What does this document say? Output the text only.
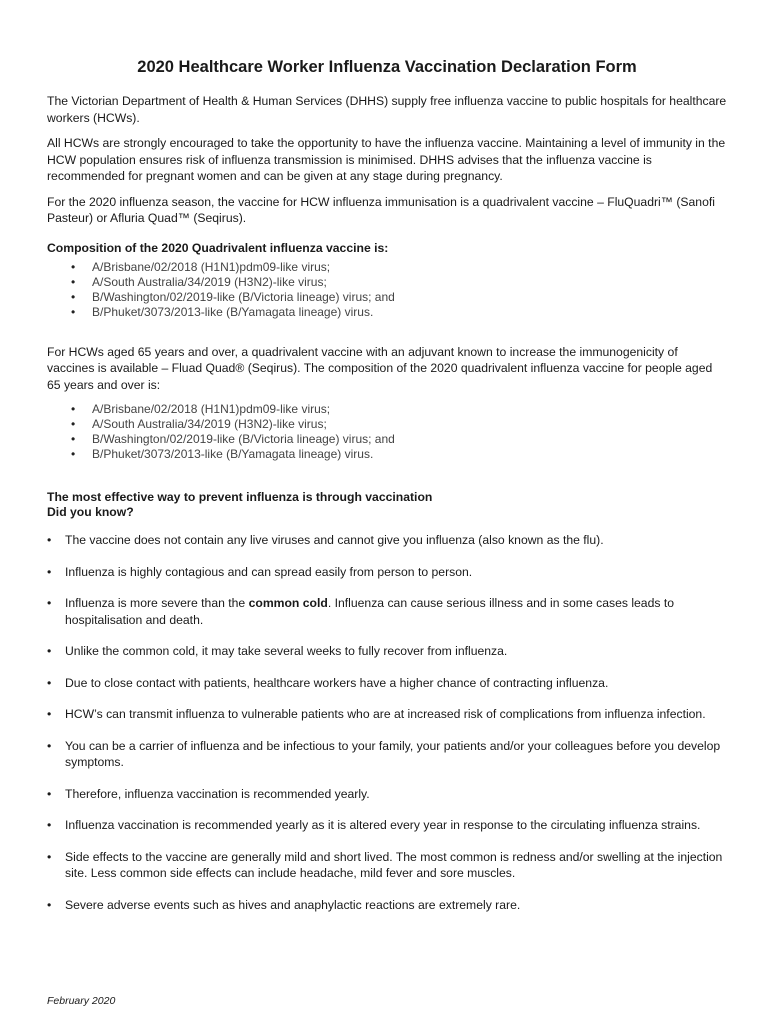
2020 Healthcare Worker Influenza Vaccination Declaration Form

The Victorian Department of Health & Human Services (DHHS) supply free influenza vaccine to public hospitals for healthcare workers (HCWs).

All HCWs are strongly encouraged to take the opportunity to have the influenza vaccine. Maintaining a level of immunity in the HCW population ensures risk of influenza transmission is minimised. DHHS advises that the influenza vaccine is recommended for pregnant women and can be given at any stage during pregnancy.

For the 2020 influenza season, the vaccine for HCW influenza immunisation is a quadrivalent vaccine – FluQuadri™ (Sanofi Pasteur) or Afluria Quad™ (Seqirus).

Composition of the 2020 Quadrivalent influenza vaccine is:
• A/Brisbane/02/2018 (H1N1)pdm09-like virus;
• A/South Australia/34/2019 (H3N2)-like virus;
• B/Washington/02/2019-like (B/Victoria lineage) virus; and
• B/Phuket/3073/2013-like (B/Yamagata lineage) virus.

For HCWs aged 65 years and over, a quadrivalent vaccine with an adjuvant known to increase the immunogenicity of vaccines is available – Fluad Quad® (Seqirus). The composition of the 2020 quadrivalent influenza vaccine for people aged 65 years and over is:

• A/Brisbane/02/2018 (H1N1)pdm09-like virus;
• A/South Australia/34/2019 (H3N2)-like virus;
• B/Washington/02/2019-like (B/Victoria lineage) virus; and
• B/Phuket/3073/2013-like (B/Yamagata lineage) virus.
The most effective way to prevent influenza is through vaccination
Did you know?
• The vaccine does not contain any live viruses and cannot give you influenza (also known as the flu).
• Influenza is highly contagious and can spread easily from person to person.
• Influenza is more severe than the common cold. Influenza can cause serious illness and in some cases leads to hospitalisation and death.
• Unlike the common cold, it may take several weeks to fully recover from influenza.
• Due to close contact with patients, healthcare workers have a higher chance of contracting influenza.
• HCW’s can transmit influenza to vulnerable patients who are at increased risk of complications from influenza infection.
• You can be a carrier of influenza and be infectious to your family, your patients and/or your colleagues before you develop symptoms.
• Therefore, influenza vaccination is recommended yearly.
• Influenza vaccination is recommended yearly as it is altered every year in response to the circulating influenza strains.
• Side effects to the vaccine are generally mild and short lived. The most common is redness and/or swelling at the injection site. Less common side effects can include headache, mild fever and sore muscles.
• Severe adverse events such as hives and anaphylactic reactions are extremely rare.
February 2020
